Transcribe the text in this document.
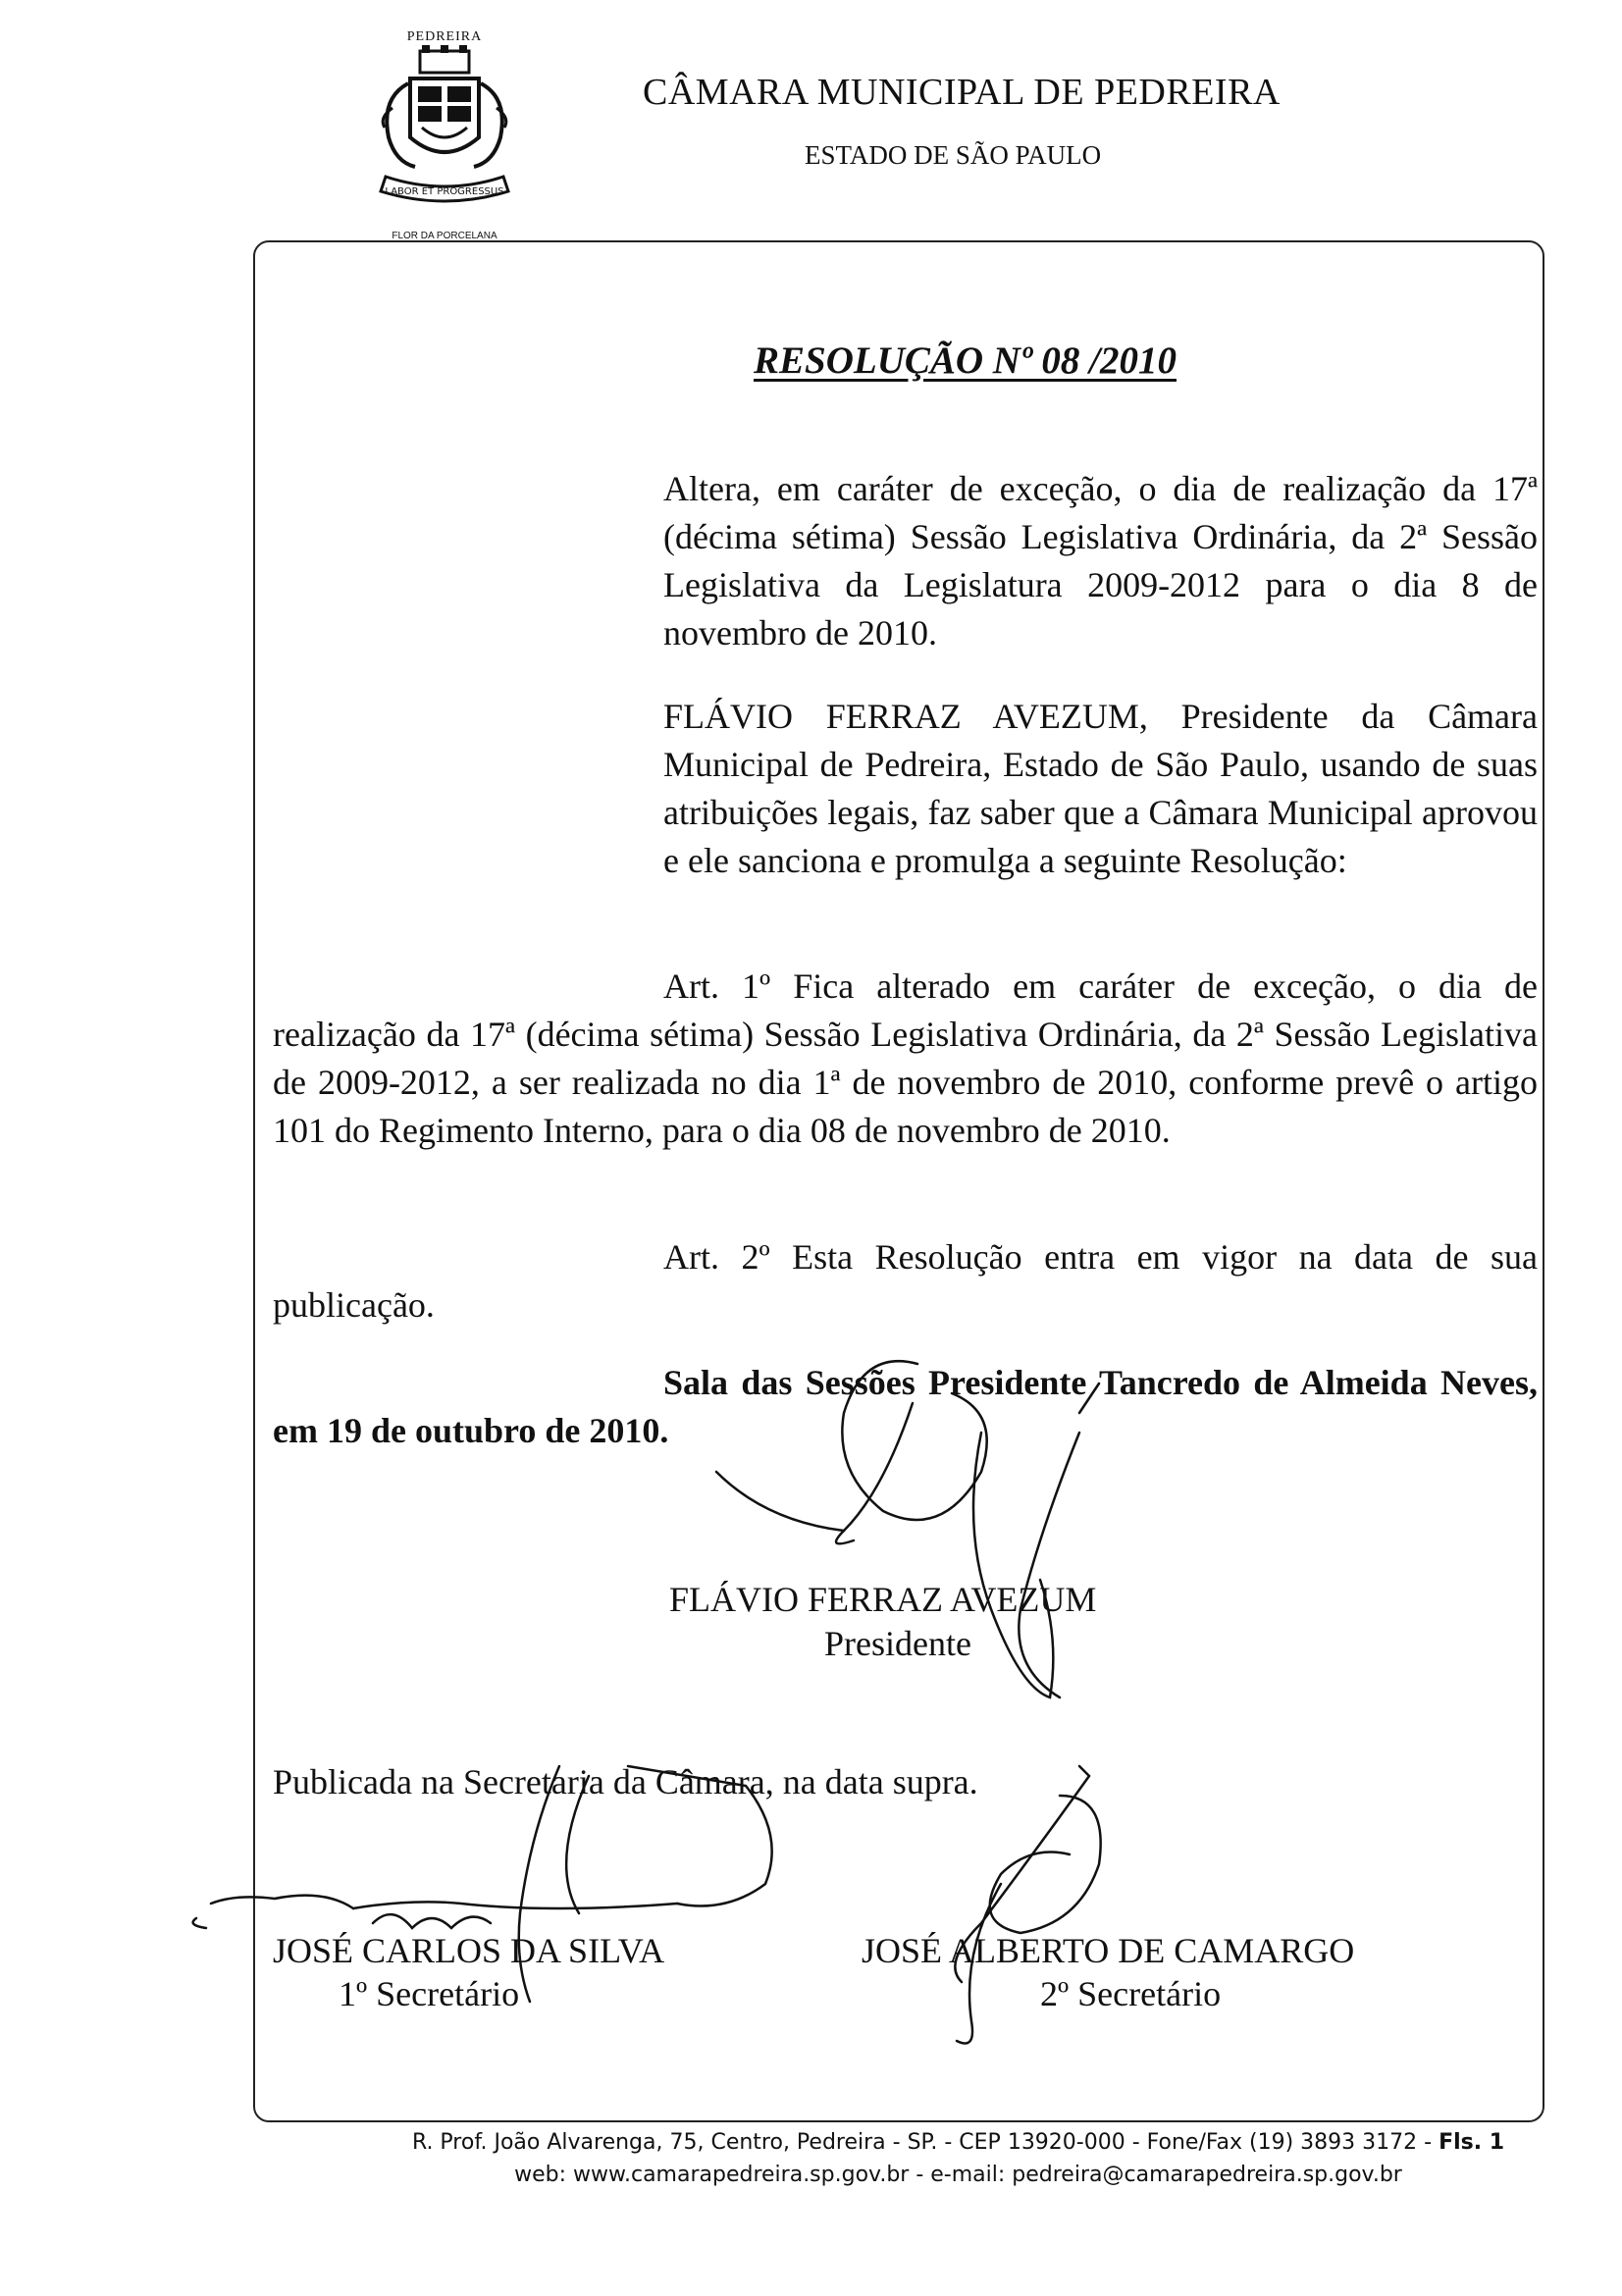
PEDREIRA
LABOR ET PROGRESSUS
FLOR DA PORCELANA
CÂMARA MUNICIPAL DE PEDREIRA
ESTADO DE SÃO PAULO
RESOLUÇÃO Nº 08 /2010
Altera, em caráter de exceção, o dia de realização da 17ª (décima sétima) Sessão Legislativa Ordinária, da 2ª Sessão Legislativa da Legislatura 2009-2012 para o dia 8 de novembro de 2010.
FLÁVIO FERRAZ AVEZUM, Presidente da Câmara Municipal de Pedreira, Estado de São Paulo, usando de suas atribuições legais, faz saber que a Câmara Municipal aprovou e ele sanciona e promulga a seguinte Resolução:
Art. 1º Fica alterado em caráter de exceção, o dia de realização da 17ª (décima sétima) Sessão Legislativa Ordinária, da 2ª Sessão Legislativa de 2009-2012, a ser realizada no dia 1ª de novembro de 2010, conforme prevê o artigo 101 do Regimento Interno, para o dia 08 de novembro de 2010.
Art. 2º Esta Resolução entra em vigor na data de sua publicação.
Sala das Sessões Presidente Tancredo de Almeida Neves, em 19 de outubro de 2010.
FLÁVIO FERRAZ AVEZUM
Presidente
Publicada na Secretaria da Câmara, na data supra.
JOSÉ CARLOS DA SILVA
1º Secretário
JOSÉ ALBERTO DE CAMARGO
2º Secretário
R. Prof. João Alvarenga, 75, Centro, Pedreira - SP. - CEP 13920-000 - Fone/Fax (19) 3893 3172 - Fls. 1
web: www.camarapedreira.sp.gov.br - e-mail: pedreira@camarapedreira.sp.gov.br
